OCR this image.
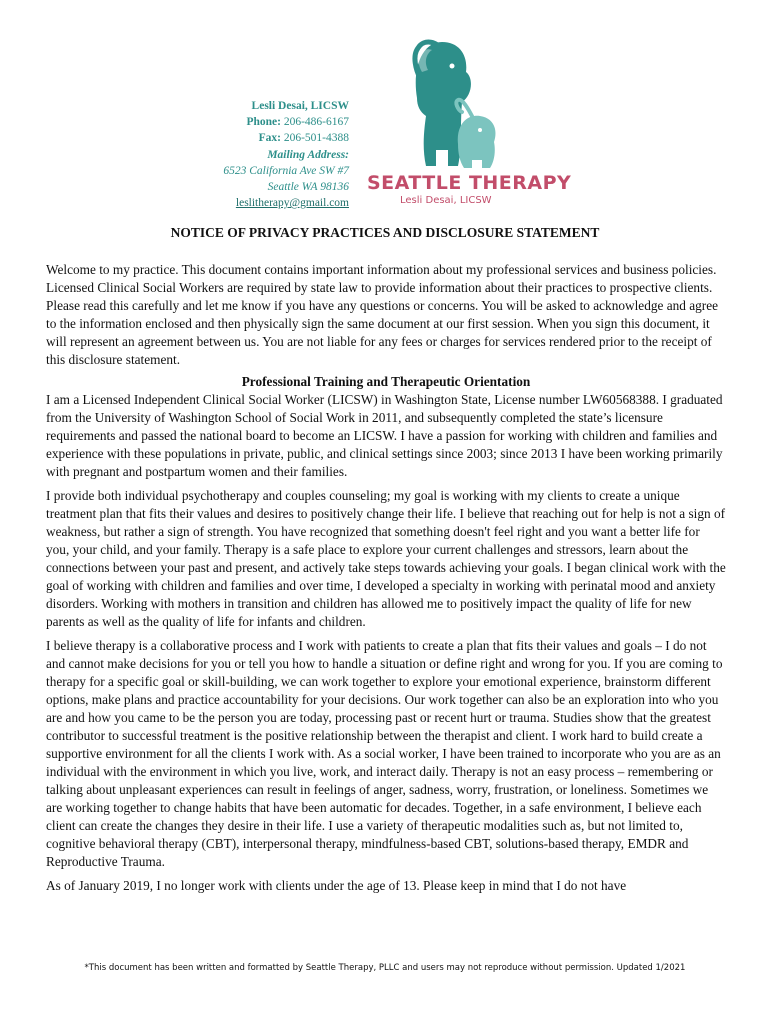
Lesli Desai, LICSW
Phone: 206-486-6167
Fax: 206-501-4388
Mailing Address:
6523 California Ave SW #7
Seattle WA 98136
leslitherapy@gmail.com
SEATTLE THERAPY
Lesli Desai, LICSW
NOTICE OF PRIVACY PRACTICES AND DISCLOSURE STATEMENT

Welcome to my practice. This document contains important information about my professional services and business policies. Licensed Clinical Social Workers are required by state law to provide information about their practices to prospective clients. Please read this carefully and let me know if you have any questions or concerns. You will be asked to acknowledge and agree to the information enclosed and then physically sign the same document at our first session. When you sign this document, it will represent an agreement between us. You are not liable for any fees or charges for services rendered prior to the receipt of this disclosure statement.

Professional Training and Therapeutic Orientation

I am a Licensed Independent Clinical Social Worker (LICSW) in Washington State, License number LW60568388. I graduated from the University of Washington School of Social Work in 2011, and subsequently completed the state’s licensure requirements and passed the national board to become an LICSW. I have a passion for working with children and families and experience with these populations in private, public, and clinical settings since 2003; since 2013 I have been working primarily with pregnant and postpartum women and their families.

I provide both individual psychotherapy and couples counseling; my goal is working with my clients to create a unique treatment plan that fits their values and desires to positively change their life. I believe that reaching out for help is not a sign of weakness, but rather a sign of strength. You have recognized that something doesn't feel right and you want a better life for you, your child, and your family. Therapy is a safe place to explore your current challenges and stressors, learn about the connections between your past and present, and actively take steps towards achieving your goals. I began clinical work with the goal of working with children and families and over time, I developed a specialty in working with perinatal mood and anxiety disorders. Working with mothers in transition and children has allowed me to positively impact the quality of life for new parents as well as the quality of life for infants and children.

I believe therapy is a collaborative process and I work with patients to create a plan that fits their values and goals – I do not and cannot make decisions for you or tell you how to handle a situation or define right and wrong for you. If you are coming to therapy for a specific goal or skill-building, we can work together to explore your emotional experience, brainstorm different options, make plans and practice accountability for your decisions. Our work together can also be an exploration into who you are and how you came to be the person you are today, processing past or recent hurt or trauma. Studies show that the greatest contributor to successful treatment is the positive relationship between the therapist and client. I work hard to build create a supportive environment for all the clients I work with. As a social worker, I have been trained to incorporate who you are as an individual with the environment in which you live, work, and interact daily. Therapy is not an easy process – remembering or talking about unpleasant experiences can result in feelings of anger, sadness, worry, frustration, or loneliness. Sometimes we are working together to change habits that have been automatic for decades. Together, in a safe environment, I believe each client can create the changes they desire in their life. I use a variety of therapeutic modalities such as, but not limited to, cognitive behavioral therapy (CBT), interpersonal therapy, mindfulness-based CBT, solutions-based therapy, EMDR and Reproductive Trauma.

As of January 2019, I no longer work with clients under the age of 13. Please keep in mind that I do not have

*This document has been written and formatted by Seattle Therapy, PLLC and users may not reproduce without permission. Updated 1/2021
